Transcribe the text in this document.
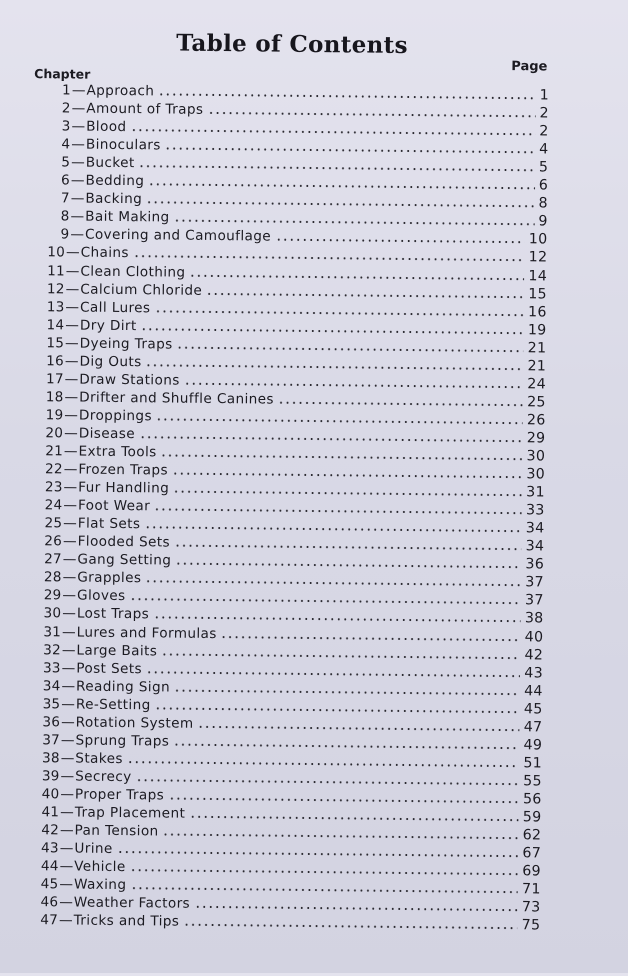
Table of Contents
Page
Chapter
1 — Approach	1
2 — Amount of Traps	2
3 — Blood	2
4 — Binoculars	4
5 — Bucket	5
6 — Bedding	6
7 — Backing	8
8 — Bait Making	9
9 — Covering and Camouflage	10
10 — Chains	12
11 — Clean Clothing	14
12 — Calcium Chloride	15
13 — Call Lures	16
14 — Dry Dirt	19
15 — Dyeing Traps	21
16 — Dig Outs	21
17 — Draw Stations	24
18 — Drifter and Shuffle Canines	25
19 — Droppings	26
20 — Disease	29
21 — Extra Tools	30
22 — Frozen Traps	30
23 — Fur Handling	31
24 — Foot Wear	33
25 — Flat Sets	34
26 — Flooded Sets	34
27 — Gang Setting	36
28 — Grapples	37
29 — Gloves	37
30 — Lost Traps	38
31 — Lures and Formulas	40
32 — Large Baits	42
33 — Post Sets	43
34 — Reading Sign	44
35 — Re-Setting	45
36 — Rotation System	47
37 — Sprung Traps	49
38 — Stakes	51
39 — Secrecy	55
40 — Proper Traps	56
41 — Trap Placement	59
42 — Pan Tension	62
43 — Urine	67
44 — Vehicle	69
45 — Waxing	71
46 — Weather Factors	73
47 — Tricks and Tips	75
